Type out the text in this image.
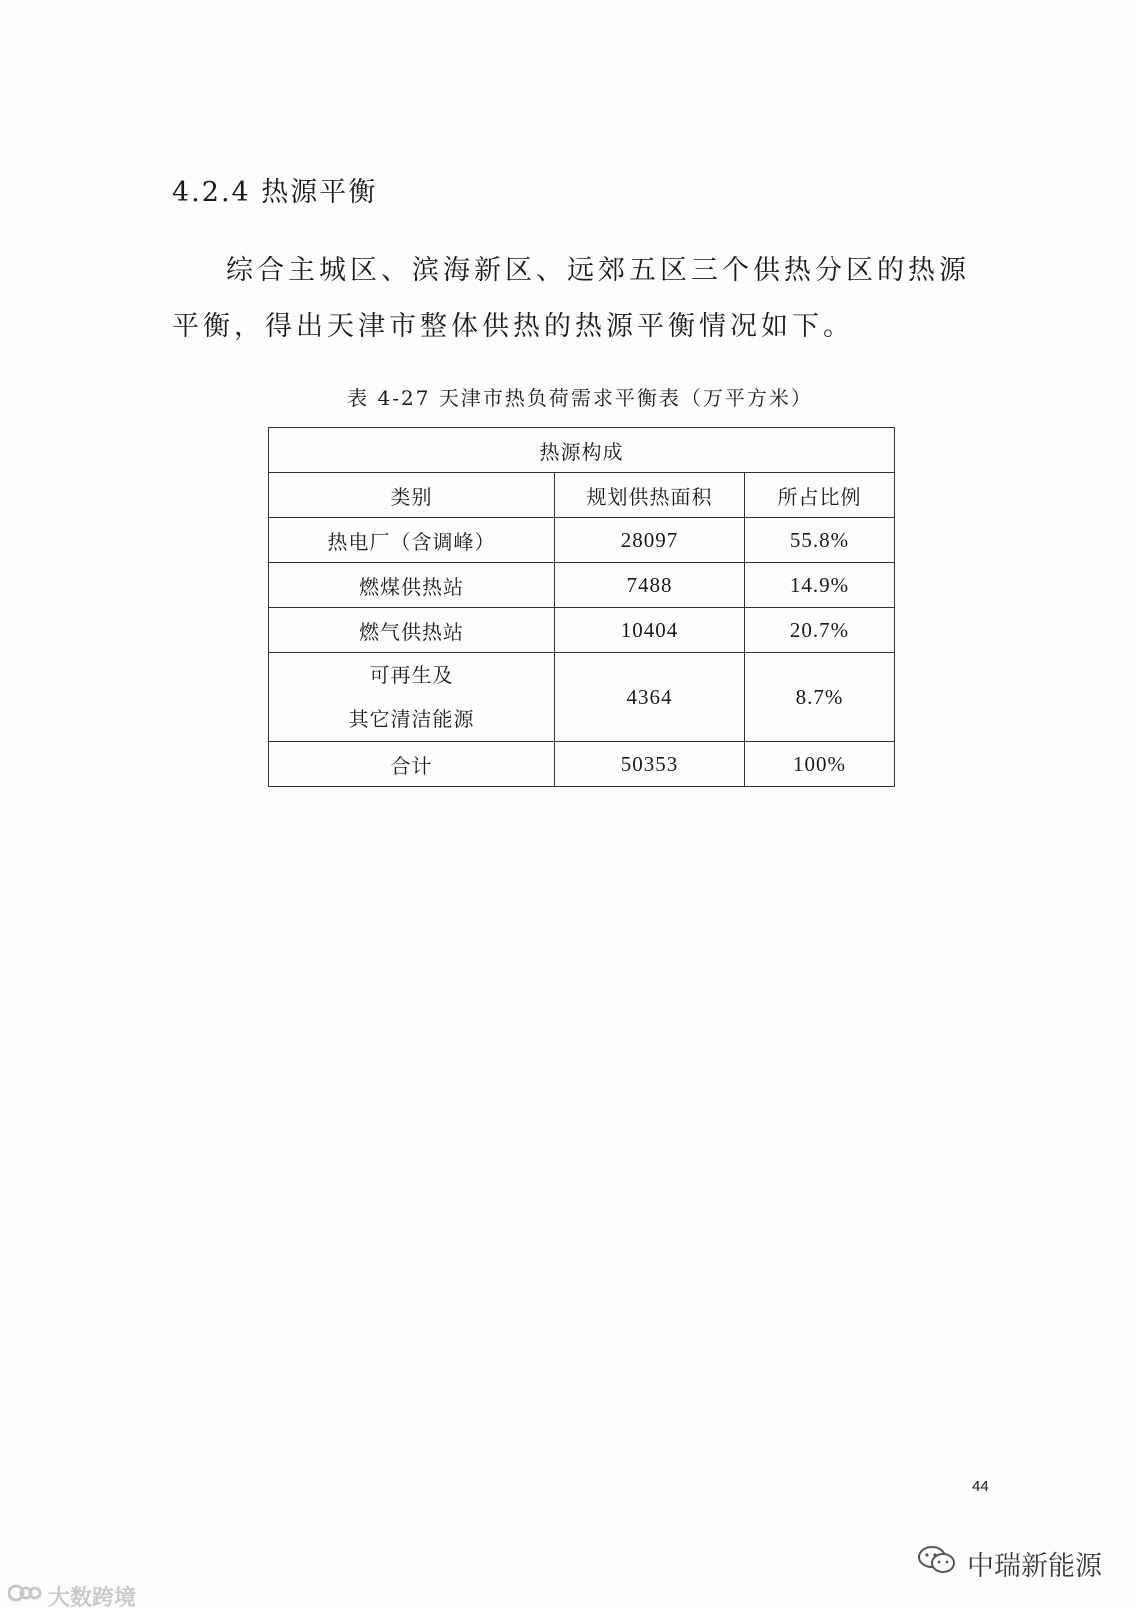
4.2.4 热源平衡

综合主城区、滨海新区、远郊五区三个供热分区的热源平衡，得出天津市整体供热的热源平衡情况如下。

表 4-27 天津市热负荷需求平衡表（万平方米）

热源构成		
类别	规划供热面积	所占比例
热电厂（含调峰）	28097	55.8%
燃煤供热站	7488	14.9%
燃气供热站	10404	20.7%

可再生及
其它清洁能源	4364	8.7%
合计	50353	100%
44
大数跨境
中瑞新能源
